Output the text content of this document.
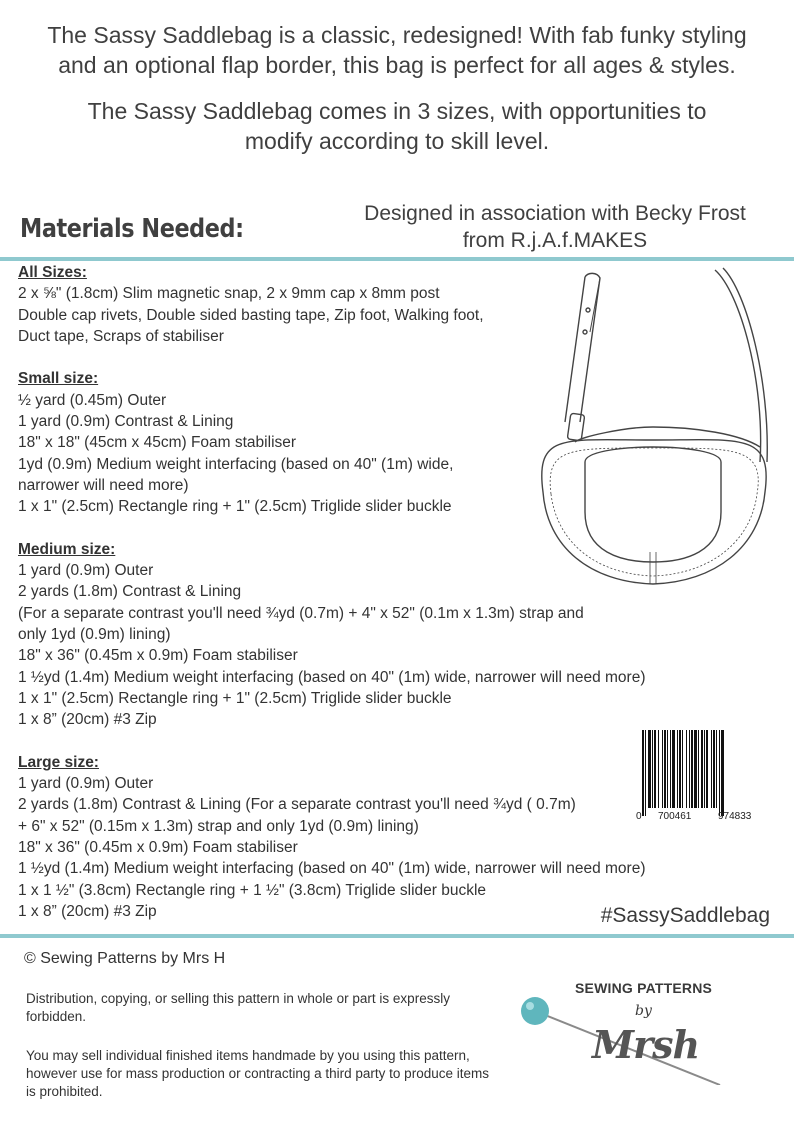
The Sassy Saddlebag is a classic, redesigned! With fab funky styling
and an optional flap border, this bag is perfect for all ages & styles.
The Sassy Saddlebag comes in 3 sizes, with opportunities to
modify according to skill level.
Materials Needed:
Designed in association with Becky Frost
from R.j.A.f.MAKES
All Sizes:
2 x ⅝" (1.8cm) Slim magnetic snap, 2 x 9mm cap x 8mm post
Double cap rivets, Double sided basting tape, Zip foot, Walking foot,
Duct tape, Scraps of stabiliser
Small size:
½ yard (0.45m) Outer
1 yard (0.9m) Contrast & Lining
18" x 18" (45cm x 45cm) Foam stabiliser
1yd (0.9m) Medium weight interfacing (based on 40" (1m) wide,
narrower will need more)
1 x 1" (2.5cm) Rectangle ring + 1" (2.5cm) Triglide slider buckle
Medium size:
1 yard (0.9m) Outer
2 yards (1.8m) Contrast & Lining
(For a separate contrast you'll need ¾yd (0.7m) + 4" x 52" (0.1m x 1.3m) strap and
only 1yd (0.9m) lining)
18" x 36" (0.45m x 0.9m) Foam stabiliser
1 ½yd (1.4m) Medium weight interfacing (based on 40" (1m) wide, narrower will need more)
1 x 1" (2.5cm) Rectangle ring + 1" (2.5cm) Triglide slider buckle
1 x 8” (20cm) #3 Zip
Large size:
1 yard (0.9m) Outer
2 yards (1.8m) Contrast & Lining (For a separate contrast you'll need ¾yd ( 0.7m)
+ 6" x 52" (0.15m x 1.3m) strap and only 1yd (0.9m) lining)
18" x 36" (0.45m x 0.9m) Foam stabiliser
1 ½yd (1.4m) Medium weight interfacing (based on 40" (1m) wide, narrower will need more)
1 x 1 ½" (3.8cm) Rectangle ring + 1 ½" (3.8cm) Triglide slider buckle
1 x 8” (20cm) #3 Zip
0 700461	974833
#SassySaddlebag
© Sewing Patterns by Mrs H
Distribution, copying, or selling this pattern in whole or part is expressly forbidden.
You may sell individual finished items handmade by you using this pattern, however use for mass production or contracting a third party to produce items is prohibited.
SEWING PATTERNS
by
Mrsh
